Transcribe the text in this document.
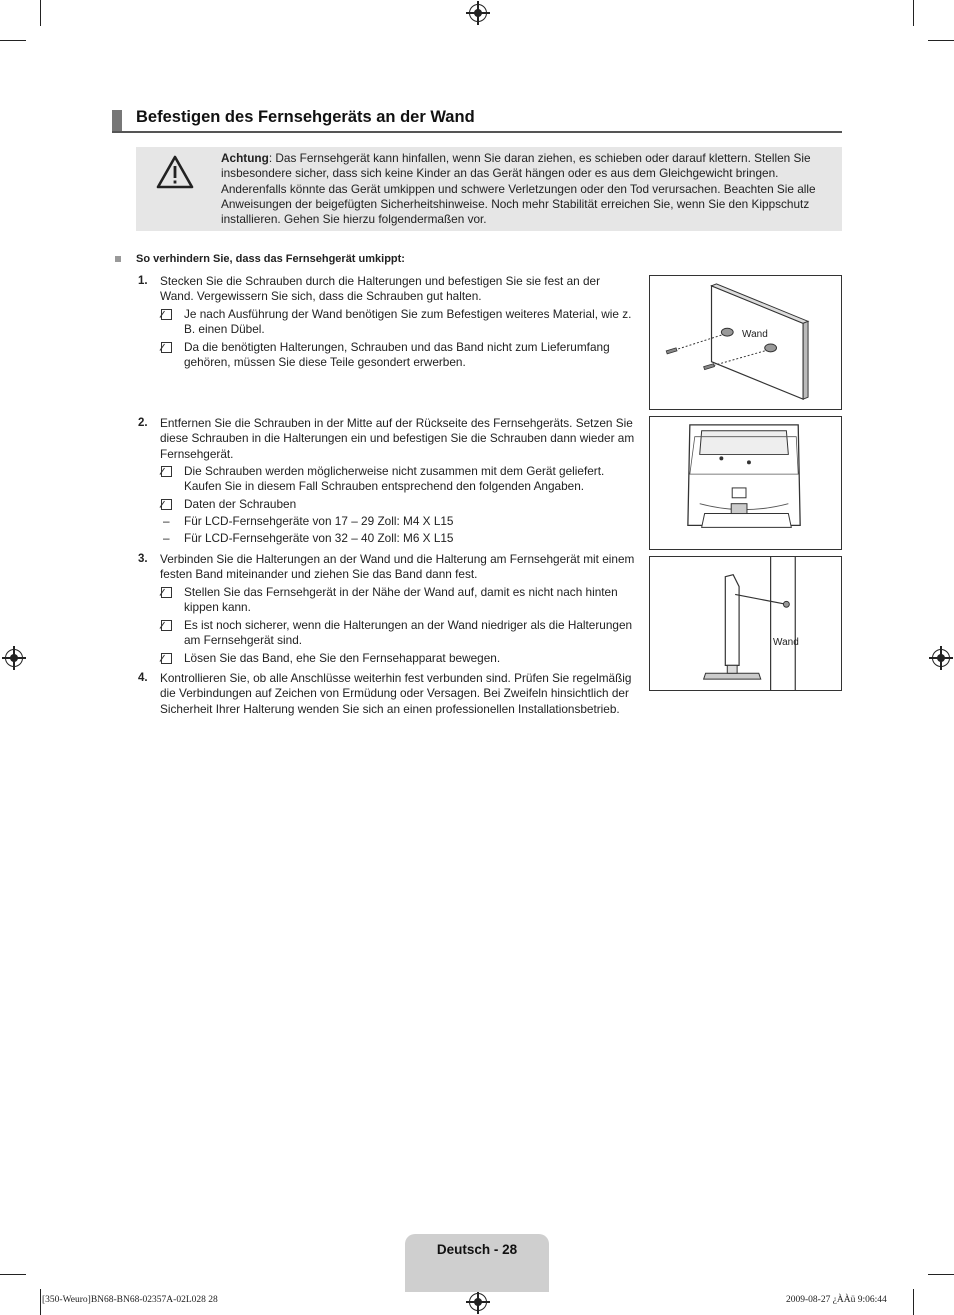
Befestigen des Fernsehgeräts an der Wand
Achtung: Das Fernsehgerät kann hinfallen, wenn Sie daran ziehen, es schieben oder darauf klettern. Stellen Sie insbesondere sicher, dass sich keine Kinder an das Gerät hängen oder es aus dem Gleichgewicht bringen. Anderenfalls könnte das Gerät umkippen und schwere Verletzungen oder den Tod verursachen. Beachten Sie alle Anweisungen der beigefügten Sicherheitshinweise. Noch mehr Stabilität erreichen Sie, wenn Sie den Kippschutz installieren. Gehen Sie hierzu folgendermaßen vor.
So verhindern Sie, dass das Fernsehgerät umkippt:
1. Stecken Sie die Schrauben durch die Halterungen und befestigen Sie sie fest an der Wand. Vergewissern Sie sich, dass die Schrauben gut halten.
Je nach Ausführung der Wand benötigen Sie zum Befestigen weiteres Material, wie z. B. einen Dübel.
Da die benötigten Halterungen, Schrauben und das Band nicht zum Lieferumfang gehören, müssen Sie diese Teile gesondert erwerben.
2. Entfernen Sie die Schrauben in der Mitte auf der Rückseite des Fernsehgeräts. Setzen Sie diese Schrauben in die Halterungen ein und befestigen Sie die Schrauben dann wieder am Fernsehgerät.
Die Schrauben werden möglicherweise nicht zusammen mit dem Gerät geliefert. Kaufen Sie in diesem Fall Schrauben entsprechend den folgenden Angaben.
Daten der Schrauben
– Für LCD-Fernsehgeräte von 17 – 29 Zoll: M4 X L15
– Für LCD-Fernsehgeräte von 32 – 40 Zoll: M6 X L15
3. Verbinden Sie die Halterungen an der Wand und die Halterung am Fernsehgerät mit einem festen Band miteinander und ziehen Sie das Band dann fest.
Stellen Sie das Fernsehgerät in der Nähe der Wand auf, damit es nicht nach hinten kippen kann.
Es ist noch sicherer, wenn die Halterungen an der Wand niedriger als die Halterungen am Fernsehgerät sind.
Lösen Sie das Band, ehe Sie den Fernsehapparat bewegen.
4. Kontrollieren Sie, ob alle Anschlüsse weiterhin fest verbunden sind. Prüfen Sie regelmäßig die Verbindungen auf Zeichen von Ermüdung oder Versagen. Bei Zweifeln hinsichtlich der Sicherheit Ihrer Halterung wenden Sie sich an einen professionellen Installationsbetrieb.
Wand
Wand
Deutsch - 28
[350-Weuro]BN68-BN68-02357A-02L028 28	2009-08-27 ¿ÀÀü 9:06:44
